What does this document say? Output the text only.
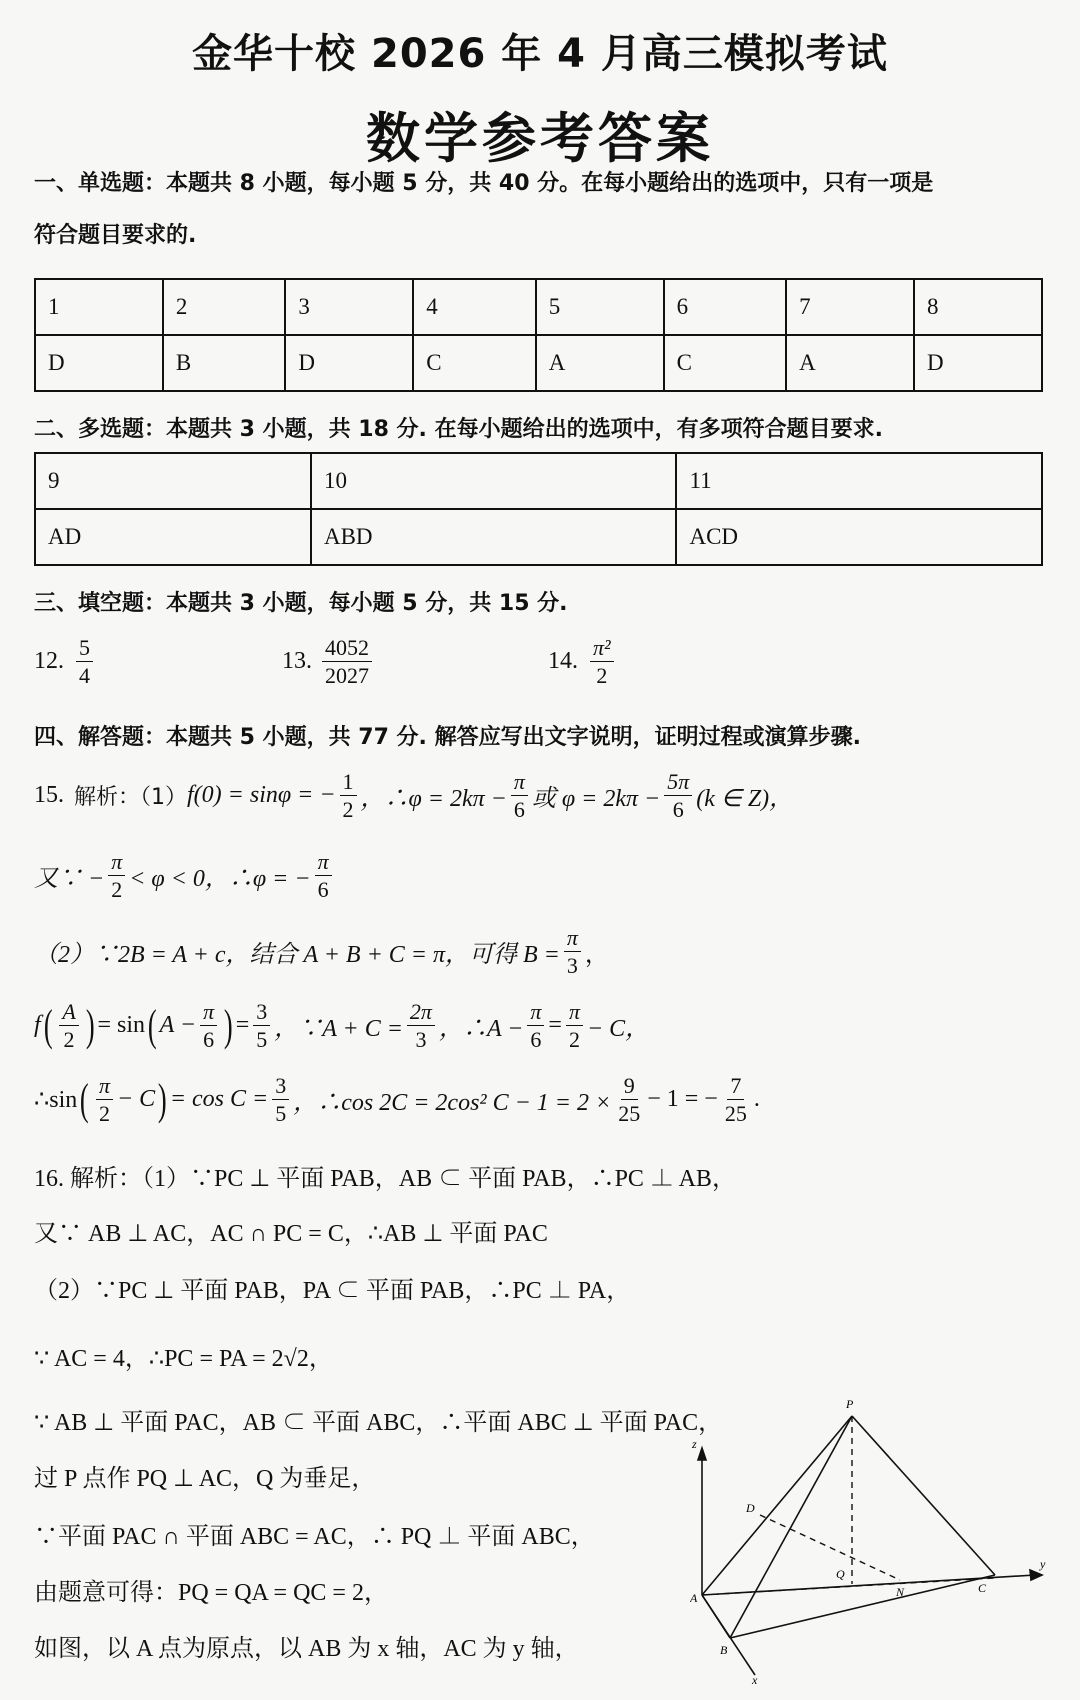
金华十校 2026 年 4 月高三模拟考试
数学参考答案
一、单选题：本题共 8 小题，每小题 5 分，共 40 分。在每小题给出的选项中，只有一项是
符合题目要求的.
1	2	3	4	5	6	7	8
D	B	D	C	A	C	A	D
二、多选题：本题共 3 小题，共 18 分. 在每小题给出的选项中，有多项符合题目要求.
9	10	11
AD	ABD	ACD
三、填空题：本题共 3 小题，每小题 5 分，共 15 分.
12. $\frac{5}{4}$	13. $\frac{4052}{2027}$	14. $\frac{\text{π²}}{2}$
四、解答题：本题共 5 小题，共 77 分. 解答应写出文字说明，证明过程或演算步骤.
15. 解析：（1） f(0) = sinφ = − $\frac{1}{2}$ ，∴φ = $2k\pi - \frac{\pi}{6}$ 或 $\varphi = 2k\pi - \frac{5\pi}{6} (k$ ∈ Z)，
又∵ − $\frac{\pi}{2} < \varphi < 0$，∴φ = − $\frac{\pi}{6}$
（2）∵2B = A + c，结合 A + B + C = π，可得 $B = \frac{\pi}{3}$ ，
f ( $\frac{A}{2}$ ) = sin ( $A - \frac{\pi}{6}$ ) = $\frac{3}{5}$ ，∵A + $C = \frac{2\pi}{3}$ ，∴A − $\frac{\pi}{6} = \frac{\pi}{2} - C$，
∴sin ( $\frac{\pi}{2} - C$ ) = $\cos C = \frac{3}{5}$ ，∴cos 2C = 2cos² $C - 1 = 2 \times \frac{9}{25} - 1$ = − $\frac{7}{25}$ .
16. 解析：（1）∵PC ⊥ 平面 PAB，AB ⊂ 平面 PAB，∴PC ⊥ AB，
又∵ AB ⊥ AC，AC ∩ PC = C，∴AB ⊥ 平面 PAC
（2）∵PC ⊥ 平面 PAB，PA ⊂ 平面 PAB，∴PC ⊥ PA，
∵ AC = 4，∴PC = PA = 2√2，
∵ AB ⊥ 平面 PAC，AB ⊂ 平面 ABC，∴平面 ABC ⊥ 平面 PAC，
过 P 点作 PQ ⊥ AC，Q 为垂足，
∵平面 PAC ∩ 平面 ABC = AC，∴ PQ ⊥ 平面 ABC，
由题意可得：PQ = QA = QC = 2，
如图，以 A 点为原点，以 AB 为 x 轴，AC 为 y 轴，
P
z
D
Q
A	N	C
y
B
x
